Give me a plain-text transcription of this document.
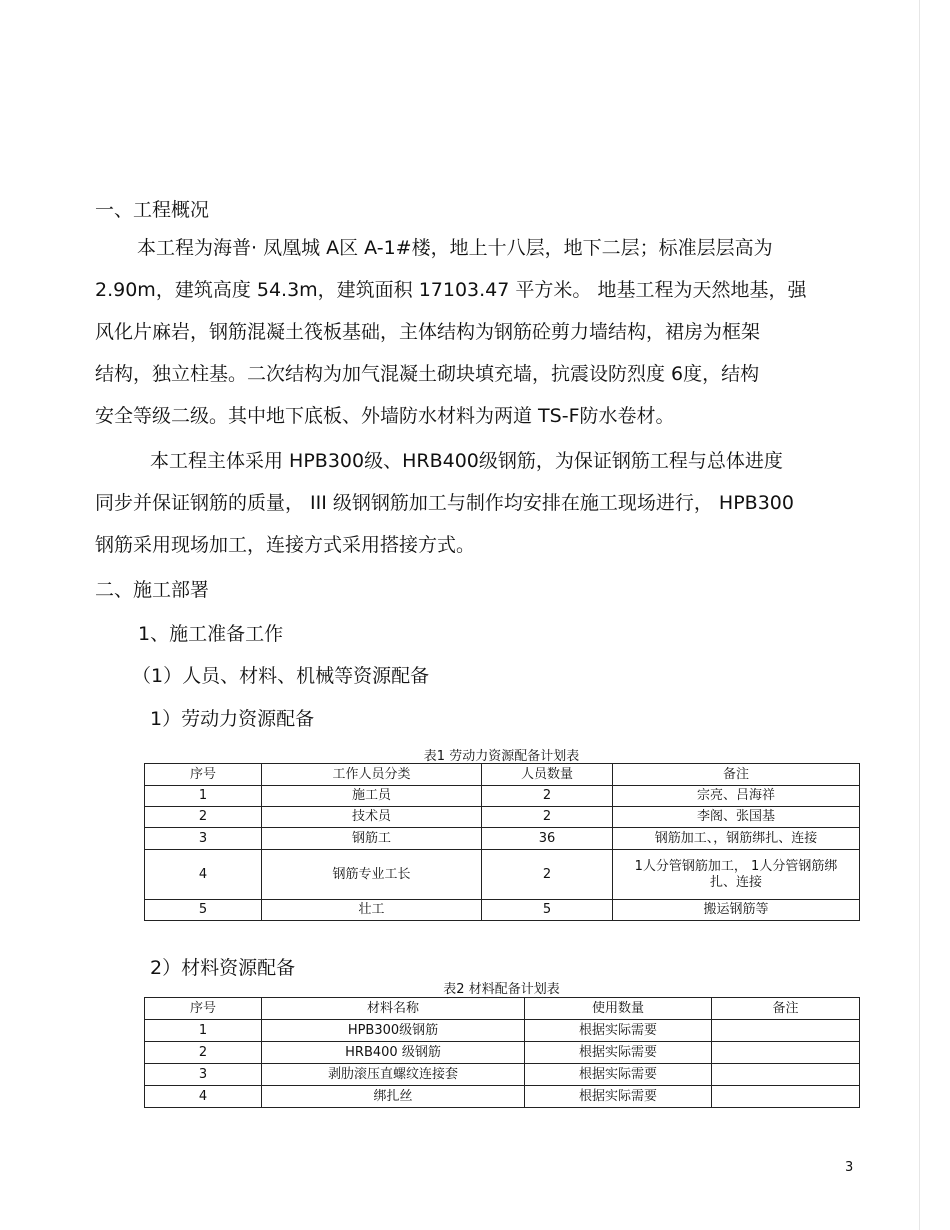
一、工程概况
本工程为海普· 凤凰城 A区 A-1#楼，地上十八层，地下二层；标准层层高为
2.90m，建筑高度 54.3m，建筑面积 17103.47 平方米。 地基工程为天然地基，强
风化片麻岩，钢筋混凝土筏板基础，主体结构为钢筋砼剪力墙结构，裙房为框架
结构，独立柱基。二次结构为加气混凝土砌块填充墙，抗震设防烈度 6度，结构
安全等级二级。其中地下底板、外墙防水材料为两道 TS-F防水卷材。
本工程主体采用 HPB300级、HRB400级钢筋，为保证钢筋工程与总体进度
同步并保证钢筋的质量， III 级钢钢筋加工与制作均安排在施工现场进行， HPB300
钢筋采用现场加工，连接方式采用搭接方式。
二、施工部署
1、施工准备工作
（1）人员、材料、机械等资源配备
1）劳动力资源配备
表1 劳动力资源配备计划表
序号	工作人员分类	人员数量	备注
1	施工员	2	宗亮、吕海祥
2	技术员	2	李阁、张国基
3	钢筋工	36	钢筋加工、，钢筋绑扎、连接
4	钢筋专业工长	2	1人分管钢筋加工， 1人分管钢筋绑扎、连接
5	壮工	5	搬运钢筋等
2）材料资源配备
表2 材料配备计划表
序号	材料名称	使用数量	备注
1	HPB300级钢筋	根据实际需要	
2	HRB400 级钢筋	根据实际需要	
3	剥肋滚压直螺纹连接套	根据实际需要	
4	绑扎丝	根据实际需要	
3
